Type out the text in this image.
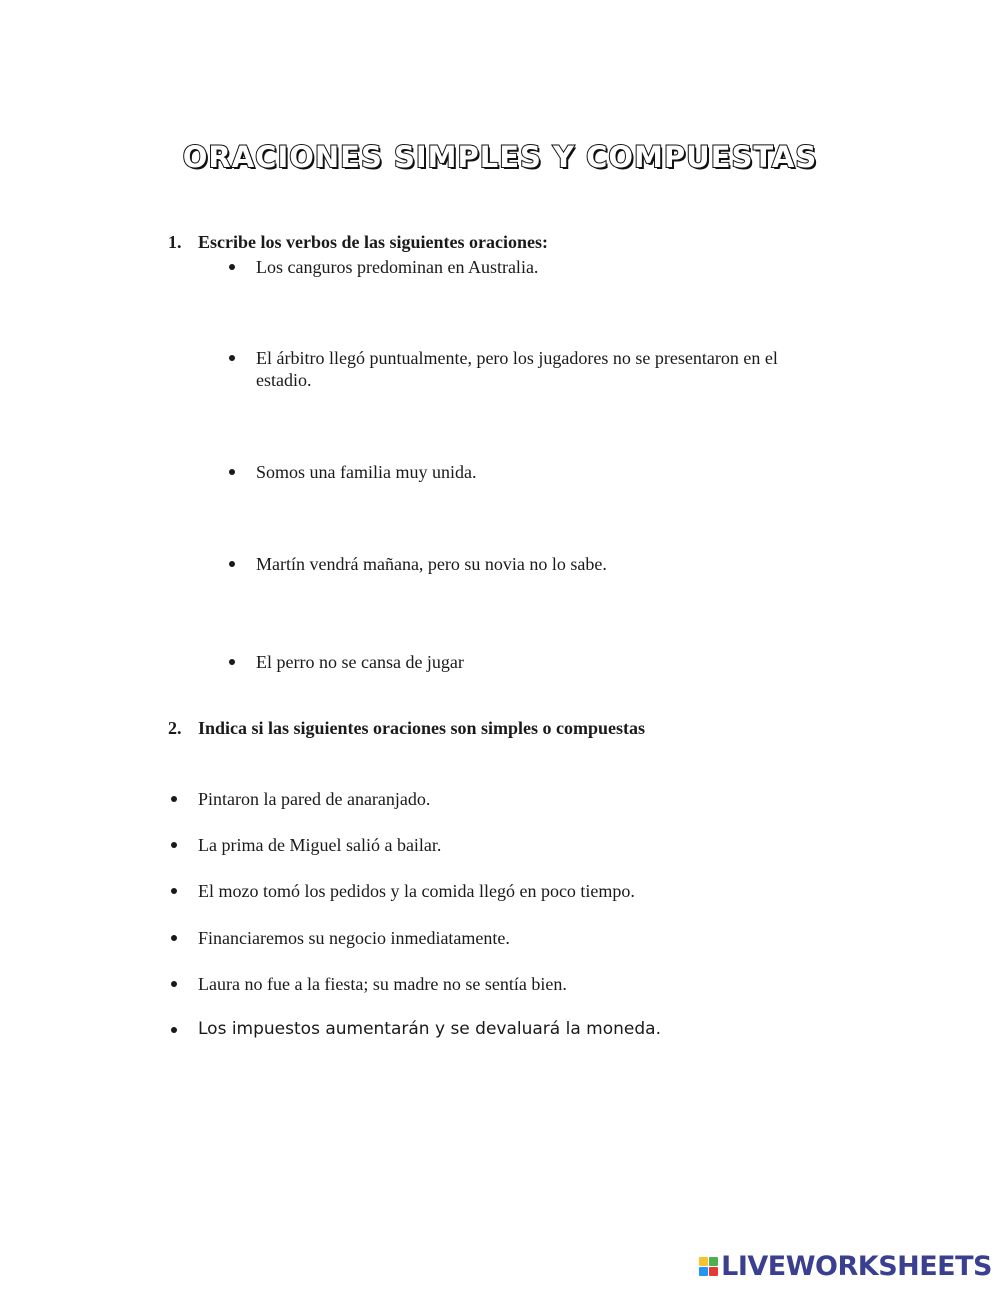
ORACIONES SIMPLES Y COMPUESTAS
1. Escribe los verbos de las siguientes oraciones:
Los canguros predominan en Australia.
El árbitro llegó puntualmente, pero los jugadores no se presentaron en el
estadio.
Somos una familia muy unida.
Martín vendrá mañana, pero su novia no lo sabe.
El perro no se cansa de jugar
2. Indica si las siguientes oraciones son simples o compuestas
Pintaron la pared de anaranjado.
La prima de Miguel salió a bailar.
El mozo tomó los pedidos y la comida llegó en poco tiempo.
Financiaremos su negocio inmediatamente.
Laura no fue a la fiesta; su madre no se sentía bien.
Los impuestos aumentarán y se devaluará la moneda.
LIVEWORKSHEETS
